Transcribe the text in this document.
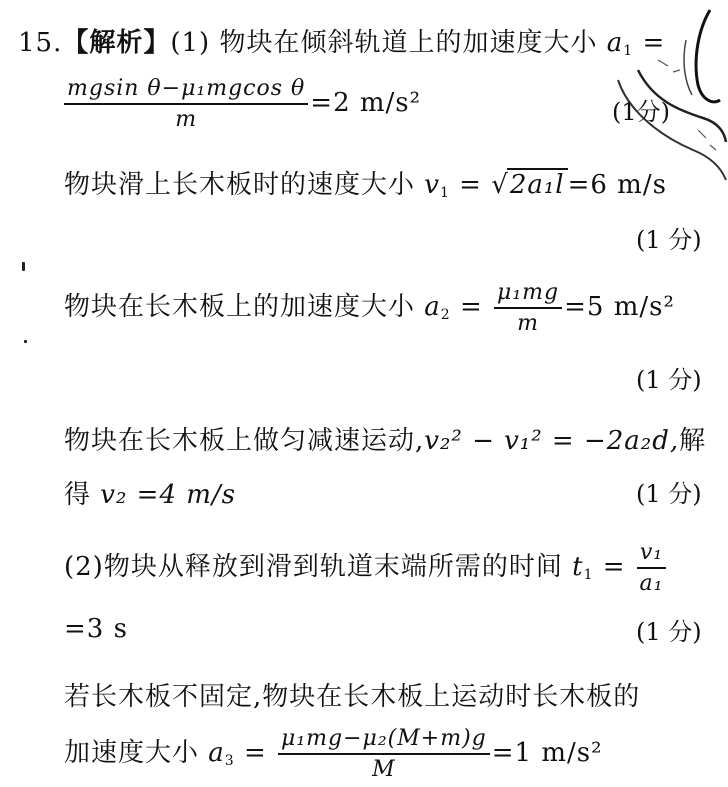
15.【解析】(1) 物块在倾斜轨道上的加速度大小 $a_1$ =
$\frac{\text{mgsin θ−μ₁mgcos θ}}{m} =2$ m/s²	(1分)
物块滑上长木板时的速度大小 $v_1 = √2a_1l =6$ m/s
(1 分)
物块在长木板上的加速度大小 $a_2 = \frac{\text{μ₁mg}}{m} =5$ m/s²
(1 分)
物块在长木板上做匀减速运动,v₂² − v₁² = −2a₂d,解
得 v₂ =4 m/s	(1 分)
(2)物块从释放到滑到轨道末端所需的时间 $t_1 = \frac{\text{v₁}}{\text{a₁}}$
=3 s	(1 分)
若长木板不固定,物块在长木板上运动时长木板的
加速度大小 $a_3 = \frac{\text{μ₁mg−μ₂(M+m)g}}{M} =1$ m/s²
